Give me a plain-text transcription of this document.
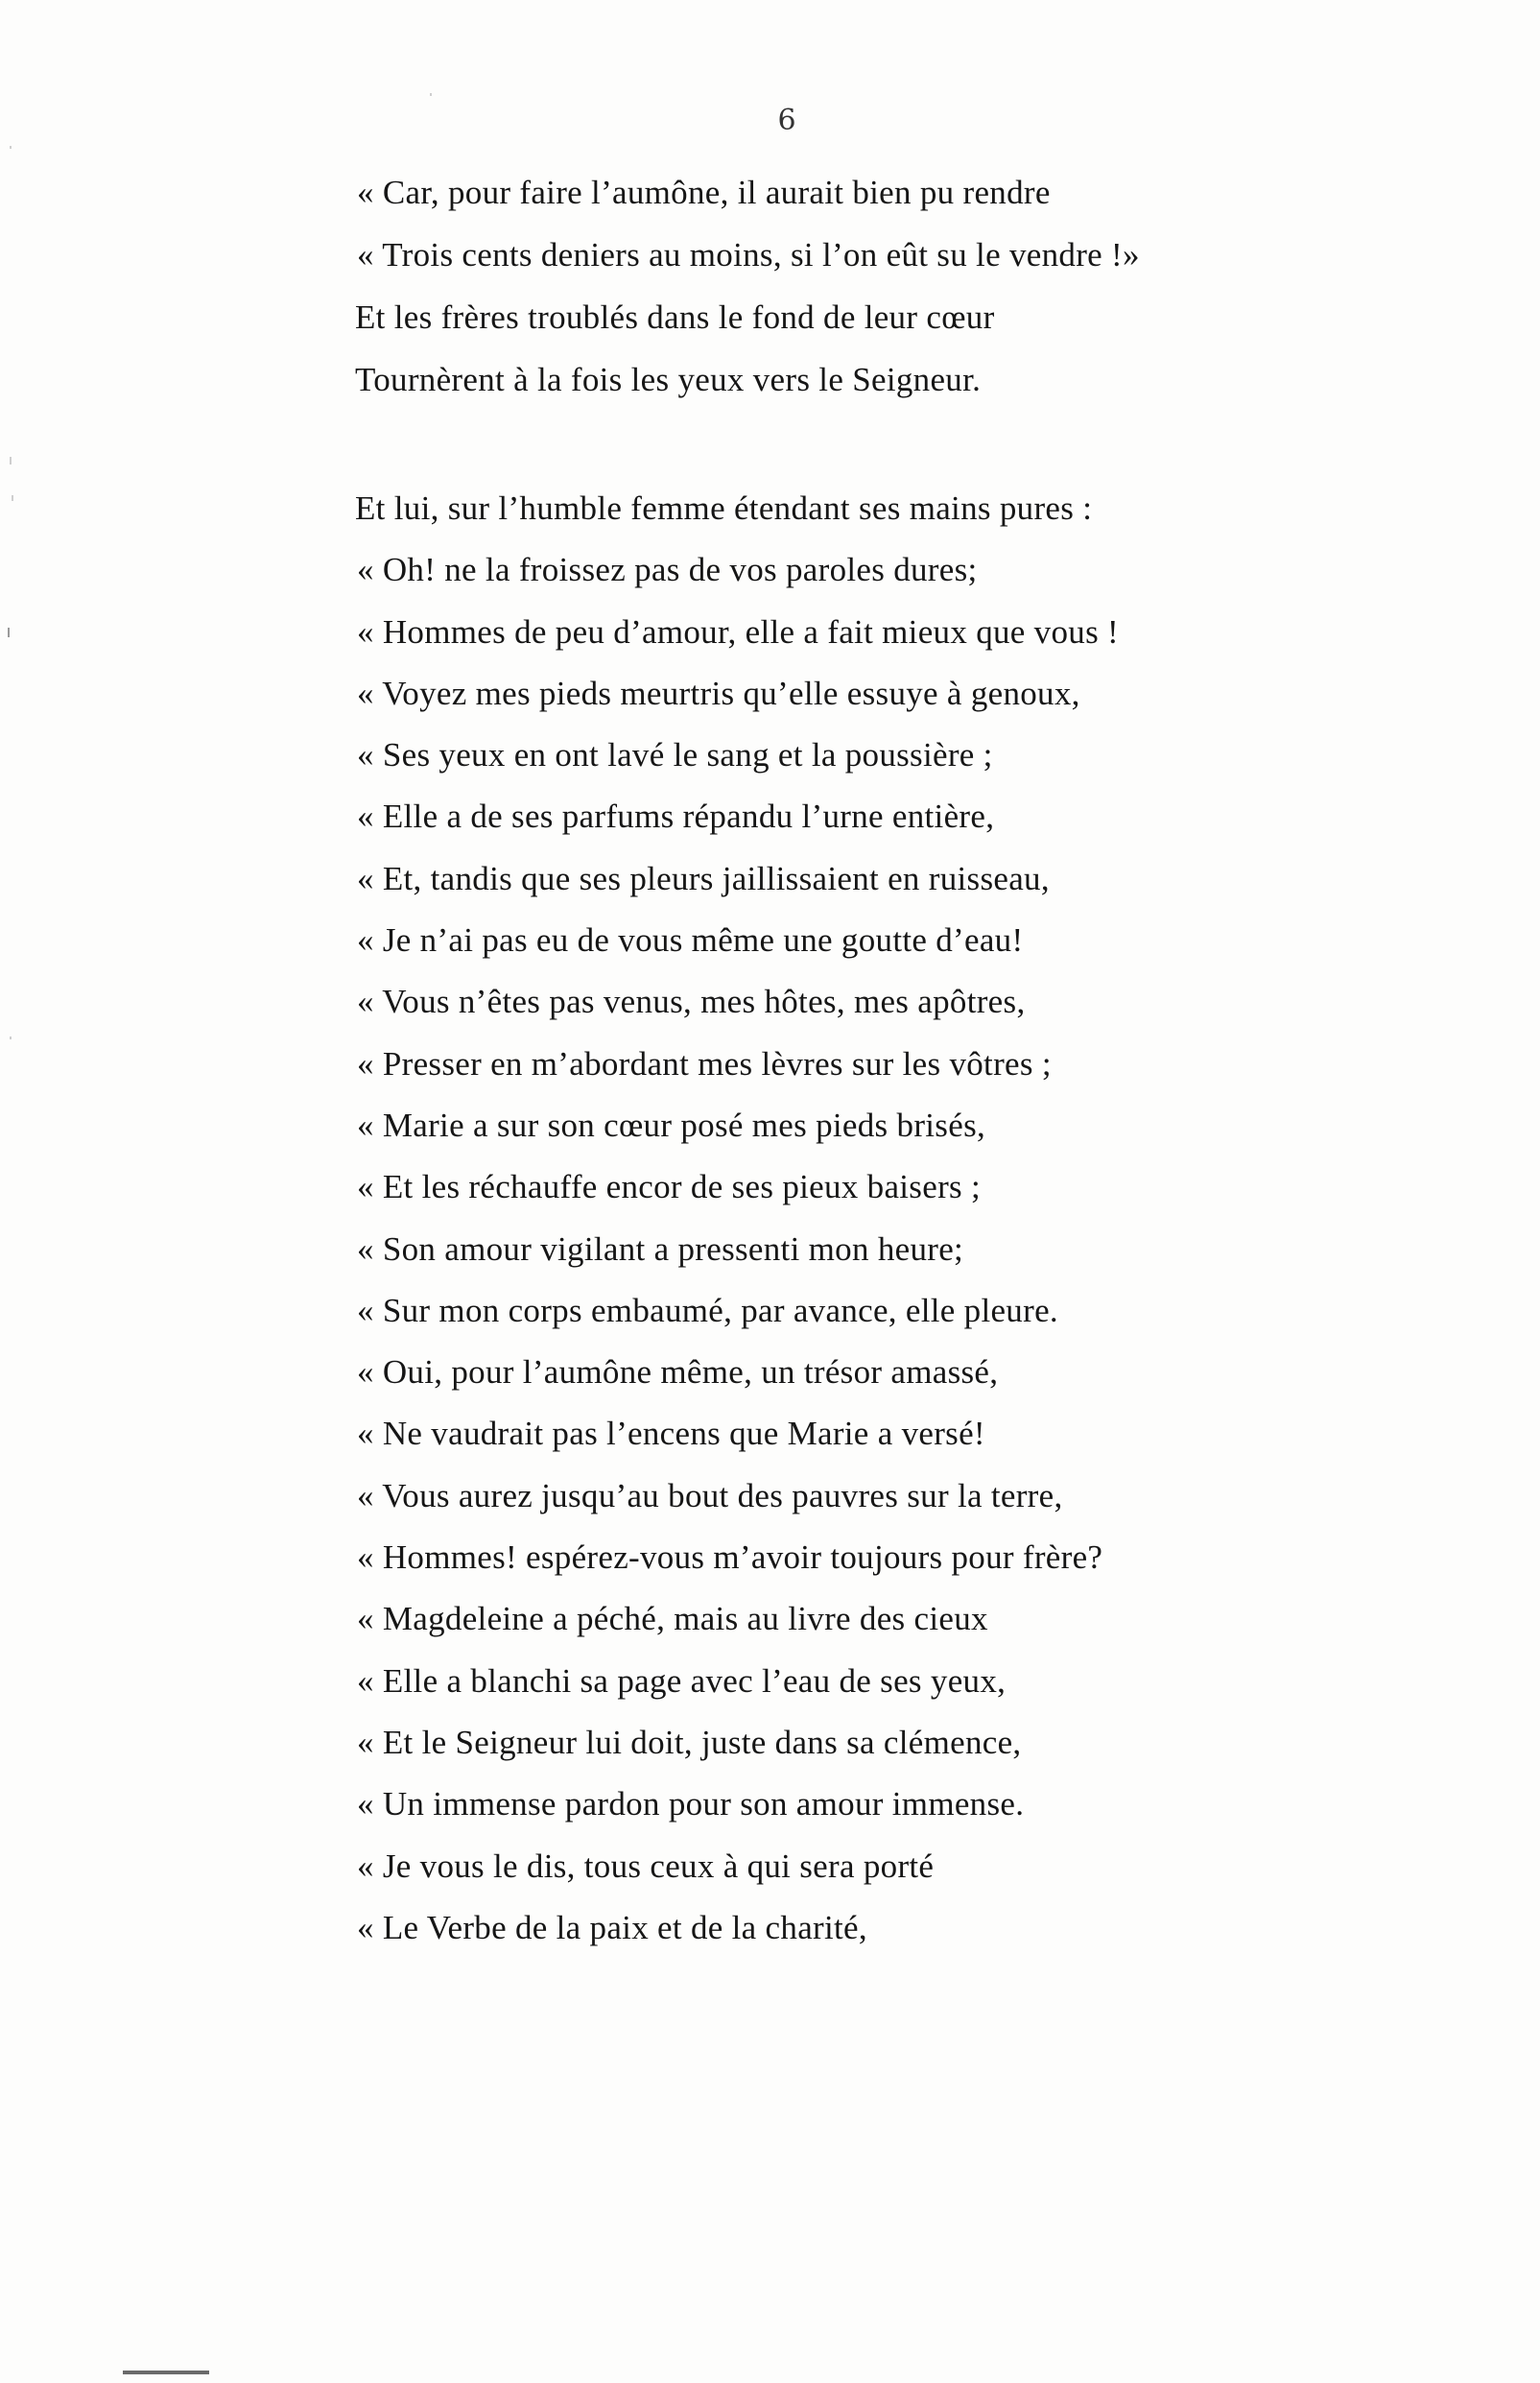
6
« Car, pour faire l’aumône, il aurait bien pu rendre
« Trois cents deniers au moins, si l’on eût su le vendre !»
Et les frères troublés dans le fond de leur cœur
Tournèrent à la fois les yeux vers le Seigneur.
Et lui, sur l’humble femme étendant ses mains pures :
« Oh! ne la froissez pas de vos paroles dures;
« Hommes de peu d’amour, elle a fait mieux que vous !
« Voyez mes pieds meurtris qu’elle essuye à genoux,
« Ses yeux en ont lavé le sang et la poussière ;
« Elle a de ses parfums répandu l’urne entière,
« Et, tandis que ses pleurs jaillissaient en ruisseau,
« Je n’ai pas eu de vous même une goutte d’eau!
« Vous n’êtes pas venus, mes hôtes, mes apôtres,
« Presser en m’abordant mes lèvres sur les vôtres ;
« Marie a sur son cœur posé mes pieds brisés,
« Et les réchauffe encor de ses pieux baisers ;
« Son amour vigilant a pressenti mon heure;
« Sur mon corps embaumé, par avance, elle pleure.
« Oui, pour l’aumône même, un trésor amassé,
« Ne vaudrait pas l’encens que Marie a versé!
« Vous aurez jusqu’au bout des pauvres sur la terre,
« Hommes! espérez-vous m’avoir toujours pour frère?
« Magdeleine a péché, mais au livre des cieux
« Elle a blanchi sa page avec l’eau de ses yeux,
« Et le Seigneur lui doit, juste dans sa clémence,
« Un immense pardon pour son amour immense.
« Je vous le dis, tous ceux à qui sera porté
« Le Verbe de la paix et de la charité,
